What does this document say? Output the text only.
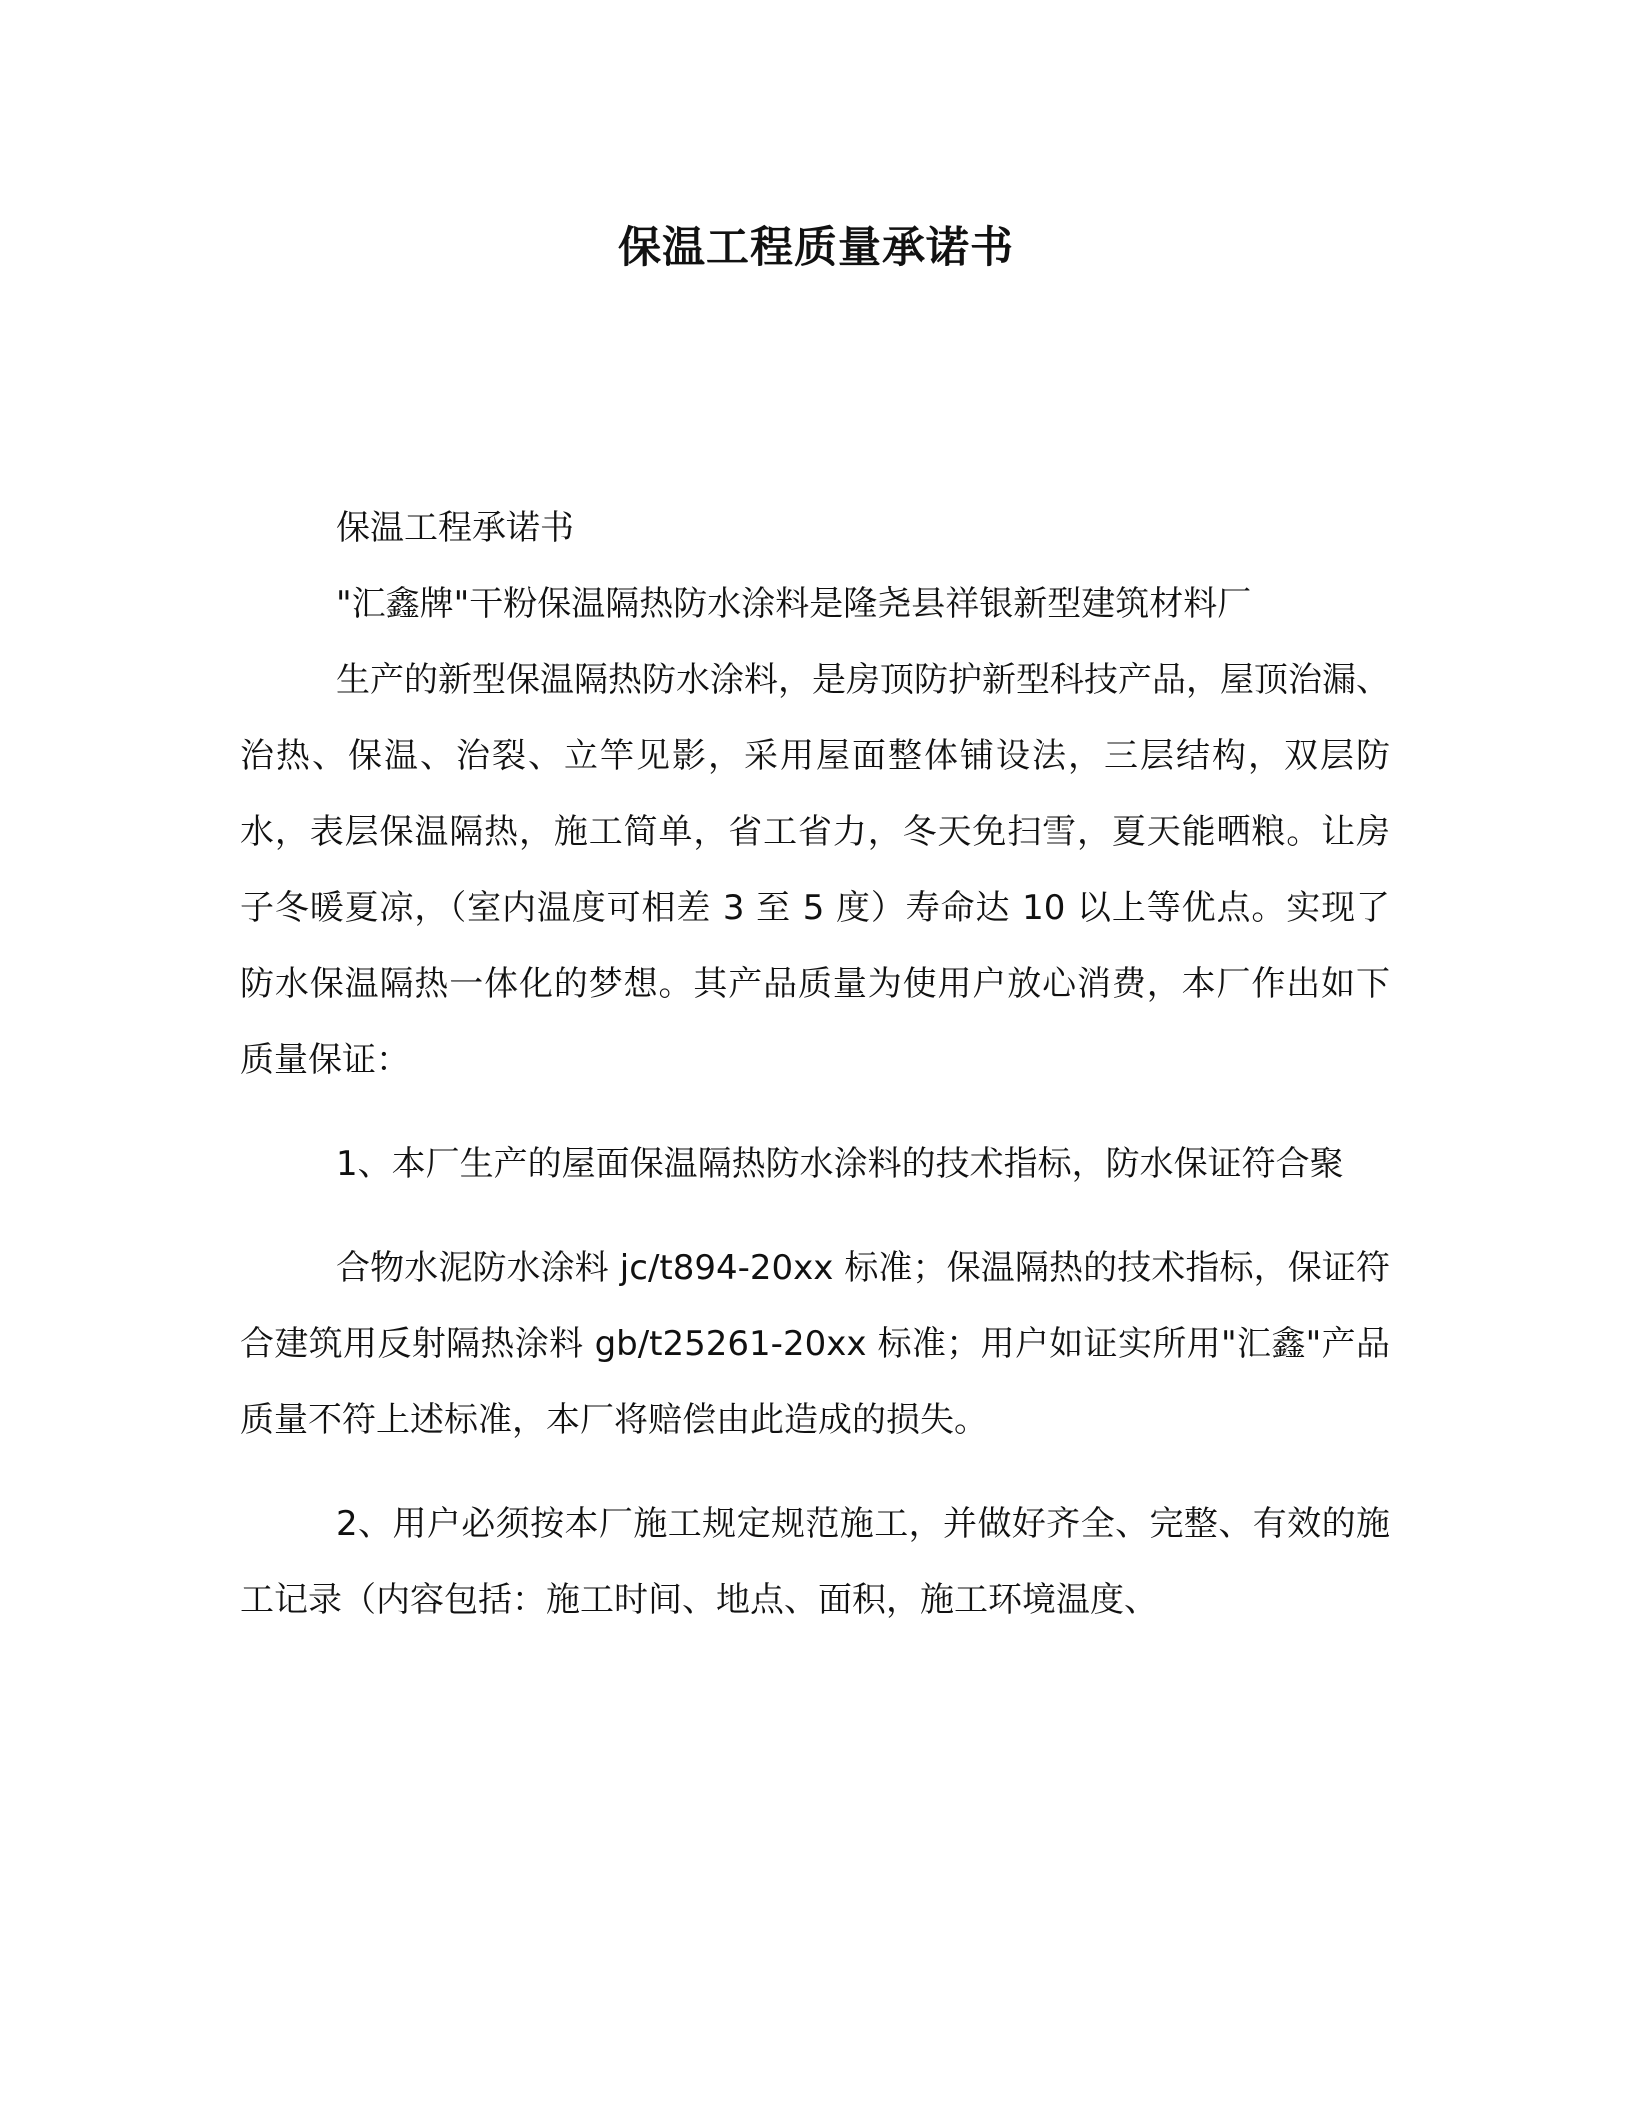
保温工程质量承诺书

保温工程承诺书

"汇鑫牌"干粉保温隔热防水涂料是隆尧县祥银新型建筑材料厂

生产的新型保温隔热防水涂料，是房顶防护新型科技产品，屋顶治漏、治热、保温、治裂、立竿见影，采用屋面整体铺设法，三层结构，双层防水，表层保温隔热，施工简单，省工省力，冬天免扫雪，夏天能晒粮。让房子冬暖夏凉，（室内温度可相差 3 至 5 度）寿命达 10 以上等优点。实现了防水保温隔热一体化的梦想。其产品质量为使用户放心消费，本厂作出如下质量保证：

1、本厂生产的屋面保温隔热防水涂料的技术指标，防水保证符合聚

合物水泥防水涂料 jc/t894-20xx 标准；保温隔热的技术指标，保证符合建筑用反射隔热涂料 gb/t25261-20xx 标准；用户如证实所用"汇鑫"产品质量不符上述标准，本厂将赔偿由此造成的损失。

2、用户必须按本厂施工规定规范施工，并做好齐全、完整、有效的施工记录（内容包括：施工时间、地点、面积，施工环境温度、
